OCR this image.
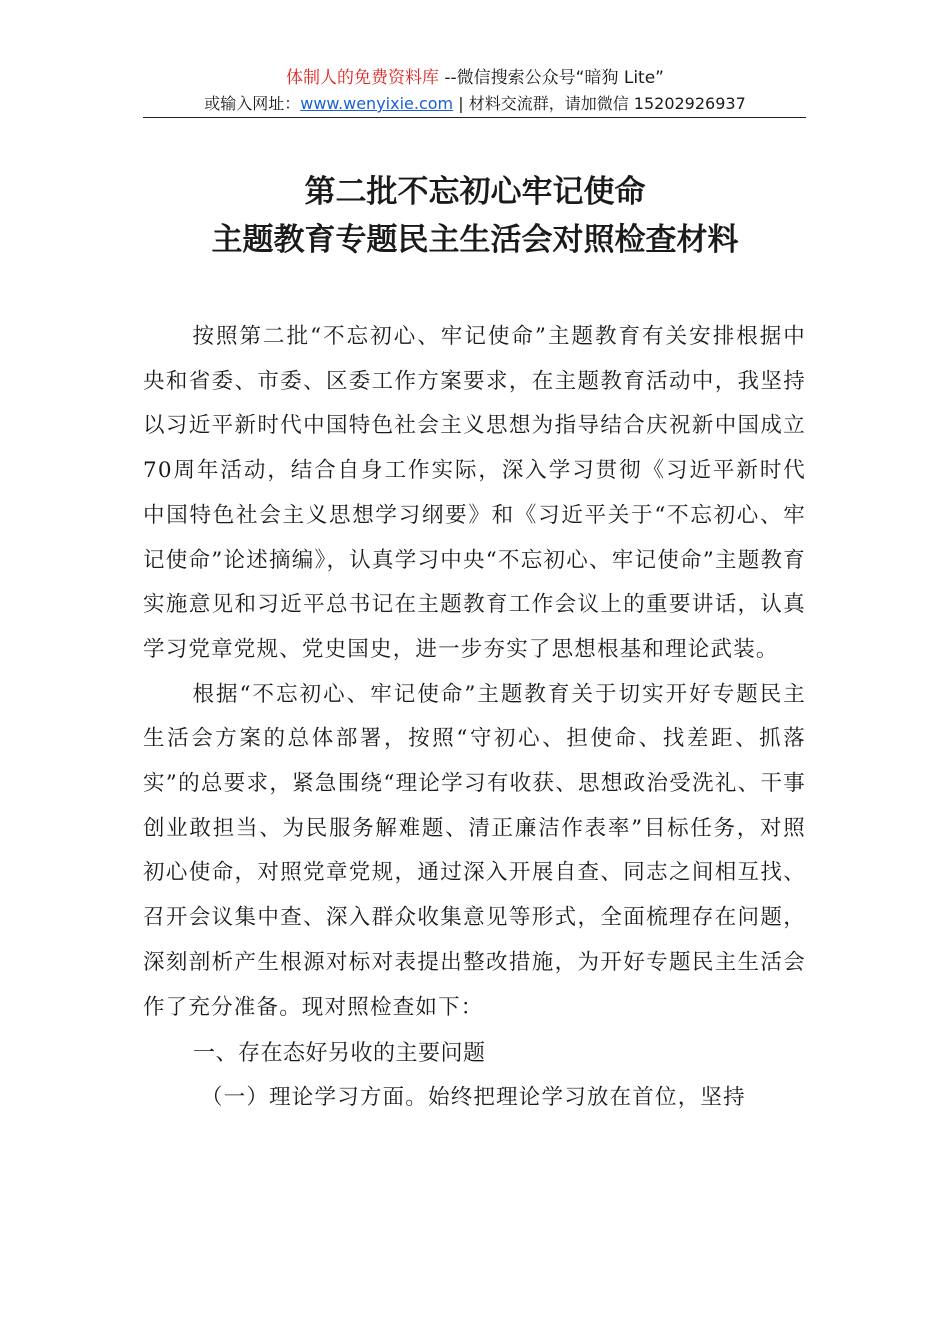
体制人的免费资料库 --微信搜索公众号“暗狗 Lite”
或输入网址：www.wenyixie.com | 材料交流群，请加微信 15202926937
第二批不忘初心牢记使命
主题教育专题民主生活会对照检查材料

按照第二批“不忘初心、牢记使命”主题教育有关安排根据中央和省委、市委、区委工作方案要求，在主题教育活动中，我坚持以习近平新时代中国特色社会主义思想为指导结合庆祝新中国成立70周年活动，结合自身工作实际，深入学习贯彻《习近平新时代中国特色社会主义思想学习纲要》和《习近平关于“不忘初心、牢记使命”论述摘编》，认真学习中央“不忘初心、牢记使命”主题教育实施意见和习近平总书记在主题教育工作会议上的重要讲话，认真学习党章党规、党史国史，进一步夯实了思想根基和理论武装。

根据“不忘初心、牢记使命”主题教育关于切实开好专题民主生活会方案的总体部署，按照“守初心、担使命、找差距、抓落实”的总要求，紧急围绕“理论学习有收获、思想政治受洗礼、干事创业敢担当、为民服务解难题、清正廉洁作表率”目标任务，对照初心使命，对照党章党规，通过深入开展自查、同志之间相互找、召开会议集中查、深入群众收集意见等形式，全面梳理存在问题，深刻剖析产生根源对标对表提出整改措施，为开好专题民主生活会作了充分准备。现对照检查如下：

一、存在态好另收的主要问题

（一）理论学习方面。始终把理论学习放在首位，坚持
